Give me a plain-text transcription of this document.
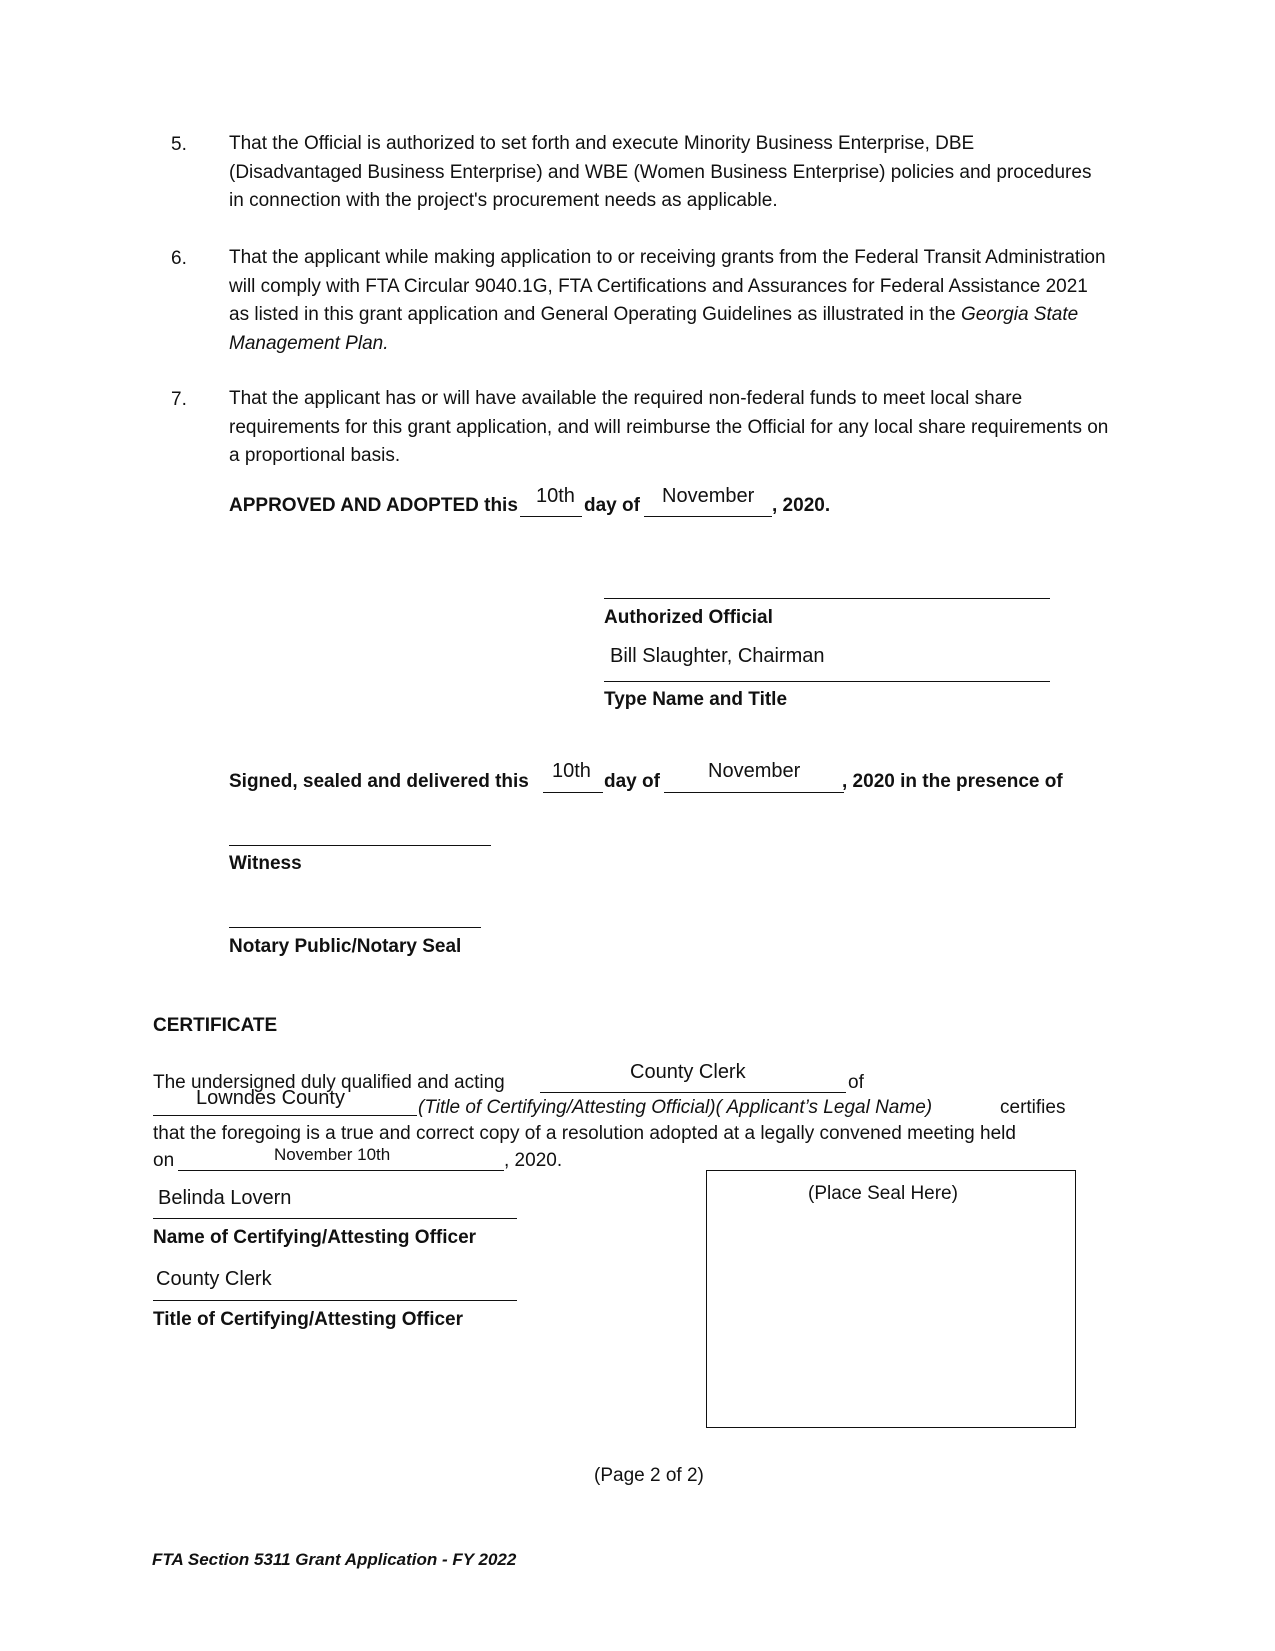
5. That the Official is authorized to set forth and execute Minority Business Enterprise, DBE (Disadvantaged Business Enterprise) and WBE (Women Business Enterprise) policies and procedures in connection with the project's procurement needs as applicable.
6. That the applicant while making application to or receiving grants from the Federal Transit Administration will comply with FTA Circular 9040.1G, FTA Certifications and Assurances for Federal Assistance 2021 as listed in this grant application and General Operating Guidelines as illustrated in the Georgia State Management Plan.
7. That the applicant has or will have available the required non-federal funds to meet local share requirements for this grant application, and will reimburse the Official for any local share requirements on a proportional basis.
APPROVED AND ADOPTED this 10th day of November , 2020.
Authorized Official
Bill Slaughter, Chairman
Type Name and Title
Signed, sealed and delivered this 10th day of November , 2020 in the presence of
Witness
Notary Public/Notary Seal
CERTIFICATE
The undersigned duly qualified and acting	County Clerk	of
Lowndes County	(Title of Certifying/Attesting Official)( Applicant’s Legal Name)	certifies
that the foregoing is a true and correct copy of a resolution adopted at a legally convened meeting held
on	November 10th	, 2020.
Belinda Lovern
Name of Certifying/Attesting Officer
County Clerk
Title of Certifying/Attesting Officer
(Place Seal Here)
(Page 2 of 2)
FTA Section 5311 Grant Application - FY 2022
